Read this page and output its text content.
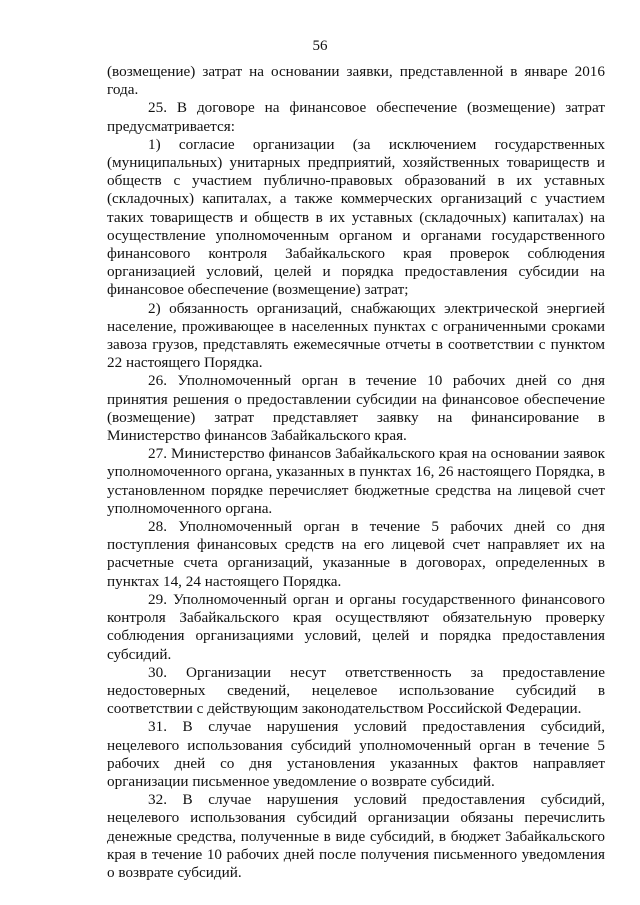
56

(возмещение) затрат на основании заявки, представленной в январе 2016 года.

25. В договоре на финансовое обеспечение (возмещение) затрат предусматривается:

1) согласие организации (за исключением государственных (муниципальных) унитарных предприятий, хозяйственных товариществ и обществ с участием публично-правовых образований в их уставных (складочных) капиталах, а также коммерческих организаций с участием таких товариществ и обществ в их уставных (складочных) капиталах) на осуществление уполномоченным органом и органами государственного финансового контроля Забайкальского края проверок соблюдения организацией условий, целей и порядка предоставления субсидии на финансовое обеспечение (возмещение) затрат;

2) обязанность организаций, снабжающих электрической энергией население, проживающее в населенных пунктах с ограниченными сроками завоза грузов, представлять ежемесячные отчеты в соответствии с пунктом 22 настоящего Порядка.

26. Уполномоченный орган в течение 10 рабочих дней со дня принятия решения о предоставлении субсидии на финансовое обеспечение (возмещение) затрат представляет заявку на финансирование в Министерство финансов Забайкальского края.

27. Министерство финансов Забайкальского края на основании заявок уполномоченного органа, указанных в пунктах 16, 26 настоящего Порядка, в установленном порядке перечисляет бюджетные средства на лицевой счет уполномоченного органа.

28. Уполномоченный орган в течение 5 рабочих дней со дня поступления финансовых средств на его лицевой счет направляет их на расчетные счета организаций, указанные в договорах, определенных в пунктах 14, 24 настоящего Порядка.

29. Уполномоченный орган и органы государственного финансового контроля Забайкальского края осуществляют обязательную проверку соблюдения организациями условий, целей и порядка предоставления субсидий.

30. Организации несут ответственность за предоставление недостоверных сведений, нецелевое использование субсидий в соответствии с действующим законодательством Российской Федерации.

31. В случае нарушения условий предоставления субсидий, нецелевого использования субсидий уполномоченный орган в течение 5 рабочих дней со дня установления указанных фактов направляет организации письменное уведомление о возврате субсидий.

32. В случае нарушения условий предоставления субсидий, нецелевого использования субсидий организации обязаны перечислить денежные средства, полученные в виде субсидий, в бюджет Забайкальского края в течение 10 рабочих дней после получения письменного уведомления о возврате субсидий.
